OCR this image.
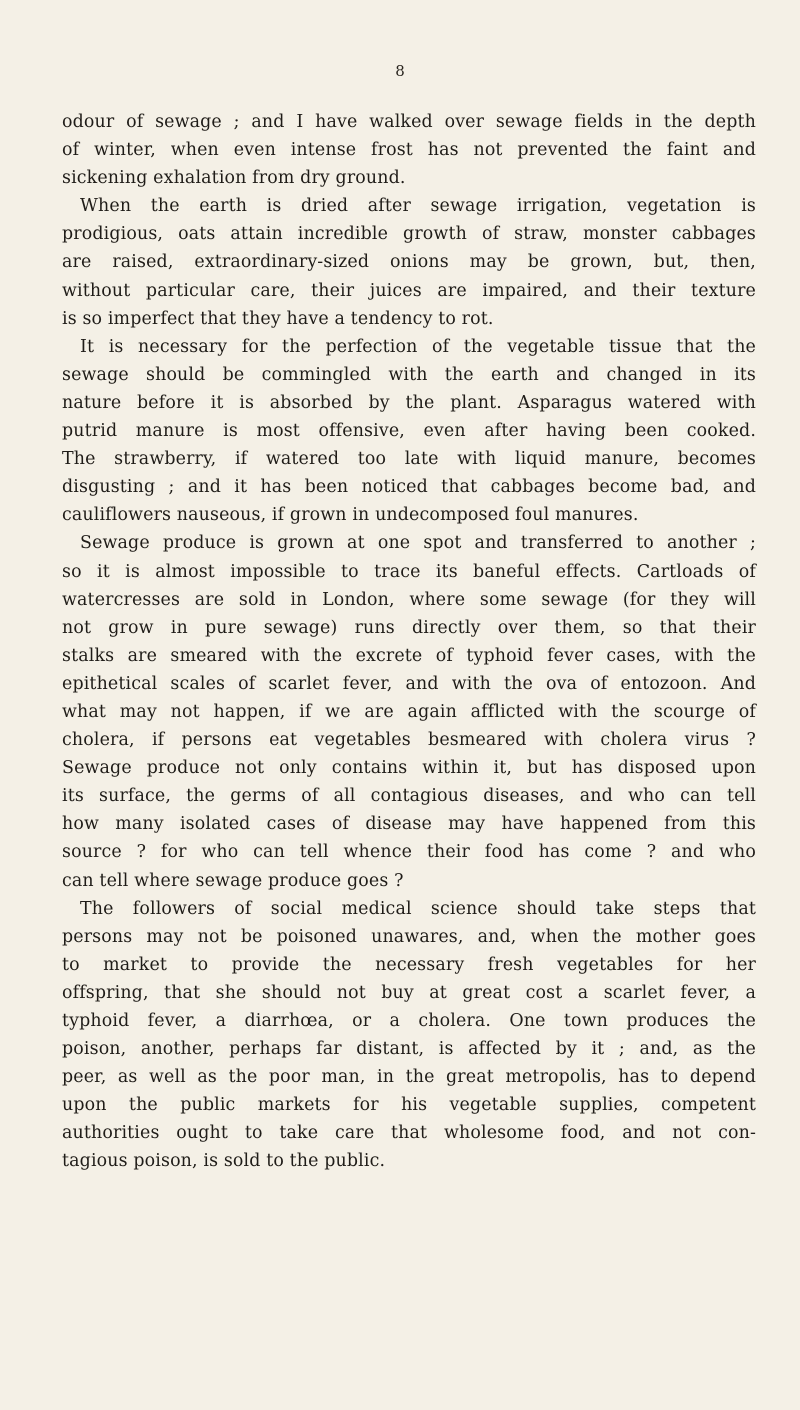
8
odour of sewage ; and I have walked over sewage fields in the depth
of winter, when even intense frost has not prevented the faint and
sickening exhalation from dry ground.
When the earth is dried after sewage irrigation, vegetation is
prodigious, oats attain incredible growth of straw, monster cabbages
are raised, extraordinary-sized onions may be grown, but, then,
without particular care, their juices are impaired, and their texture
is so imperfect that they have a tendency to rot.
It is necessary for the perfection of the vegetable tissue that the
sewage should be commingled with the earth and changed in its
nature before it is absorbed by the plant. Asparagus watered with
putrid manure is most offensive, even after having been cooked.
The strawberry, if watered too late with liquid manure, becomes
disgusting ; and it has been noticed that cabbages become bad, and
cauliflowers nauseous, if grown in undecomposed foul manures.
Sewage produce is grown at one spot and transferred to another ;
so it is almost impossible to trace its baneful effects. Cartloads of
watercresses are sold in London, where some sewage (for they will
not grow in pure sewage) runs directly over them, so that their
stalks are smeared with the excrete of typhoid fever cases, with the
epithetical scales of scarlet fever, and with the ova of entozoon. And
what may not happen, if we are again afflicted with the scourge of
cholera, if persons eat vegetables besmeared with cholera virus ?
Sewage produce not only contains within it, but has disposed upon
its surface, the germs of all contagious diseases, and who can tell
how many isolated cases of disease may have happened from this
source ? for who can tell whence their food has come ? and who
can tell where sewage produce goes ?
The followers of social medical science should take steps that
persons may not be poisoned unawares, and, when the mother goes
to market to provide the necessary fresh vegetables for her
offspring, that she should not buy at great cost a scarlet fever, a
typhoid fever, a diarrhœa, or a cholera. One town produces the
poison, another, perhaps far distant, is affected by it ; and, as the
peer, as well as the poor man, in the great metropolis, has to depend
upon the public markets for his vegetable supplies, competent
authorities ought to take care that wholesome food, and not con-
tagious poison, is sold to the public.
